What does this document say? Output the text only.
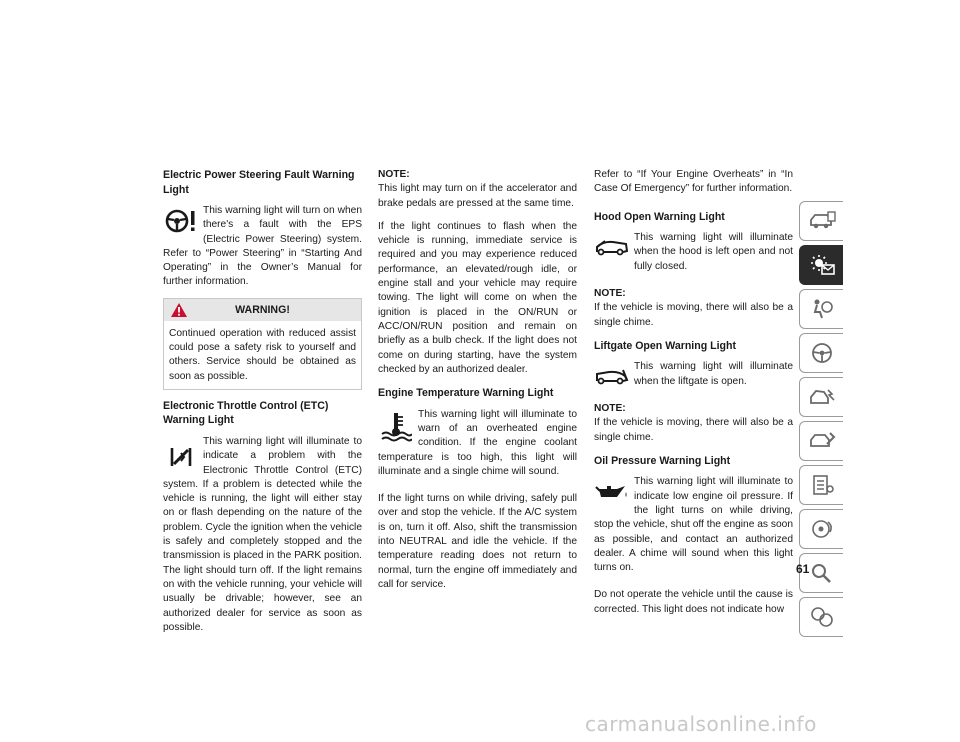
Electric Power Steering Fault Warning Light
This warning light will turn on when there's a fault with the EPS (Electric Power Steering) system. Refer to “Power Steering” in “Starting And Operating” in the Owner’s Manual for further information.
WARNING!
Continued operation with reduced assist could pose a safety risk to yourself and others. Service should be obtained as soon as possible.
Electronic Throttle Control (ETC) Warning Light
This warning light will illuminate to indicate a problem with the Electronic Throttle Control (ETC) system. If a problem is detected while the vehicle is running, the light will either stay on or flash depending on the nature of the problem. Cycle the ignition when the vehicle is safely and completely stopped and the transmission is placed in the PARK position. The light should turn off. If the light remains on with the vehicle running, your vehicle will usually be drivable; however, see an authorized dealer for service as soon as possible.
NOTE:
This light may turn on if the accelerator and brake pedals are pressed at the same time.
If the light continues to flash when the vehicle is running, immediate service is required and you may experience reduced performance, an elevated/rough idle, or engine stall and your vehicle may require towing. The light will come on when the ignition is placed in the ON/RUN or ACC/ON/RUN position and remain on briefly as a bulb check. If the light does not come on during starting, have the system checked by an authorized dealer.
Engine Temperature Warning Light
This warning light will illuminate to warn of an overheated engine condition. If the engine coolant temperature is too high, this light will illuminate and a single chime will sound.
If the light turns on while driving, safely pull over and stop the vehicle. If the A/C system is on, turn it off. Also, shift the transmission into NEUTRAL and idle the vehicle. If the temperature reading does not return to normal, turn the engine off immediately and call for service.
Refer to “If Your Engine Overheats” in “In Case Of Emergency” for further information.
Hood Open Warning Light
This warning light will illuminate when the hood is left open and not fully closed.
NOTE:
If the vehicle is moving, there will also be a single chime.
Liftgate Open Warning Light
This warning light will illuminate when the liftgate is open.
NOTE:
If the vehicle is moving, there will also be a single chime.
Oil Pressure Warning Light
This warning light will illuminate to indicate low engine oil pressure. If the light turns on while driving, stop the vehicle, shut off the engine as soon as possible, and contact an authorized dealer. A chime will sound when this light turns on.
Do not operate the vehicle until the cause is corrected. This light does not indicate how
61
carmanualsonline.info
